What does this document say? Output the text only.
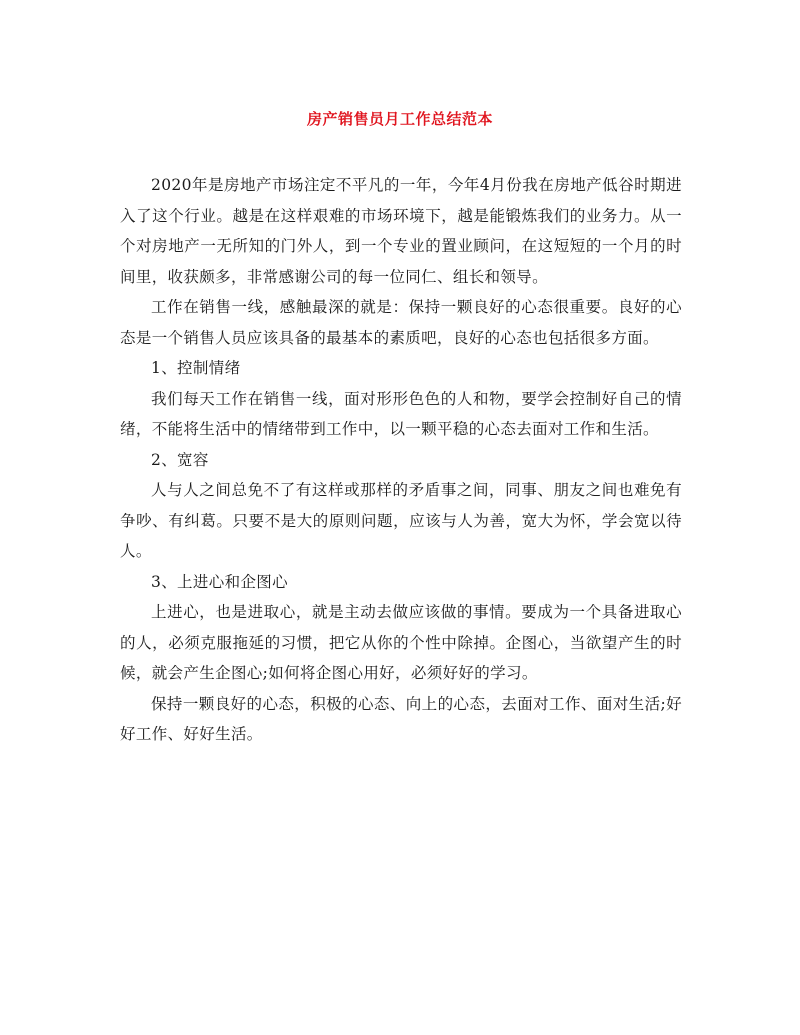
房产销售员月工作总结范本

2020年是房地产市场注定不平凡的一年，今年4月份我在房地产低谷时期进入了这个行业。越是在这样艰难的市场环境下，越是能锻炼我们的业务力。从一个对房地产一无所知的门外人，到一个专业的置业顾问，在这短短的一个月的时间里，收获颇多，非常感谢公司的每一位同仁、组长和领导。

工作在销售一线，感触最深的就是：保持一颗良好的心态很重要。良好的心态是一个销售人员应该具备的最基本的素质吧，良好的心态也包括很多方面。

1、控制情绪

我们每天工作在销售一线，面对形形色色的人和物，要学会控制好自己的情绪，不能将生活中的情绪带到工作中，以一颗平稳的心态去面对工作和生活。

2、宽容

人与人之间总免不了有这样或那样的矛盾事之间，同事、朋友之间也难免有争吵、有纠葛。只要不是大的原则问题，应该与人为善，宽大为怀，学会宽以待人。

3、上进心和企图心

上进心，也是进取心，就是主动去做应该做的事情。要成为一个具备进取心的人，必须克服拖延的习惯，把它从你的个性中除掉。企图心，当欲望产生的时候，就会产生企图心;如何将企图心用好，必须好好的学习。

保持一颗良好的心态，积极的心态、向上的心态，去面对工作、面对生活;好好工作、好好生活。
